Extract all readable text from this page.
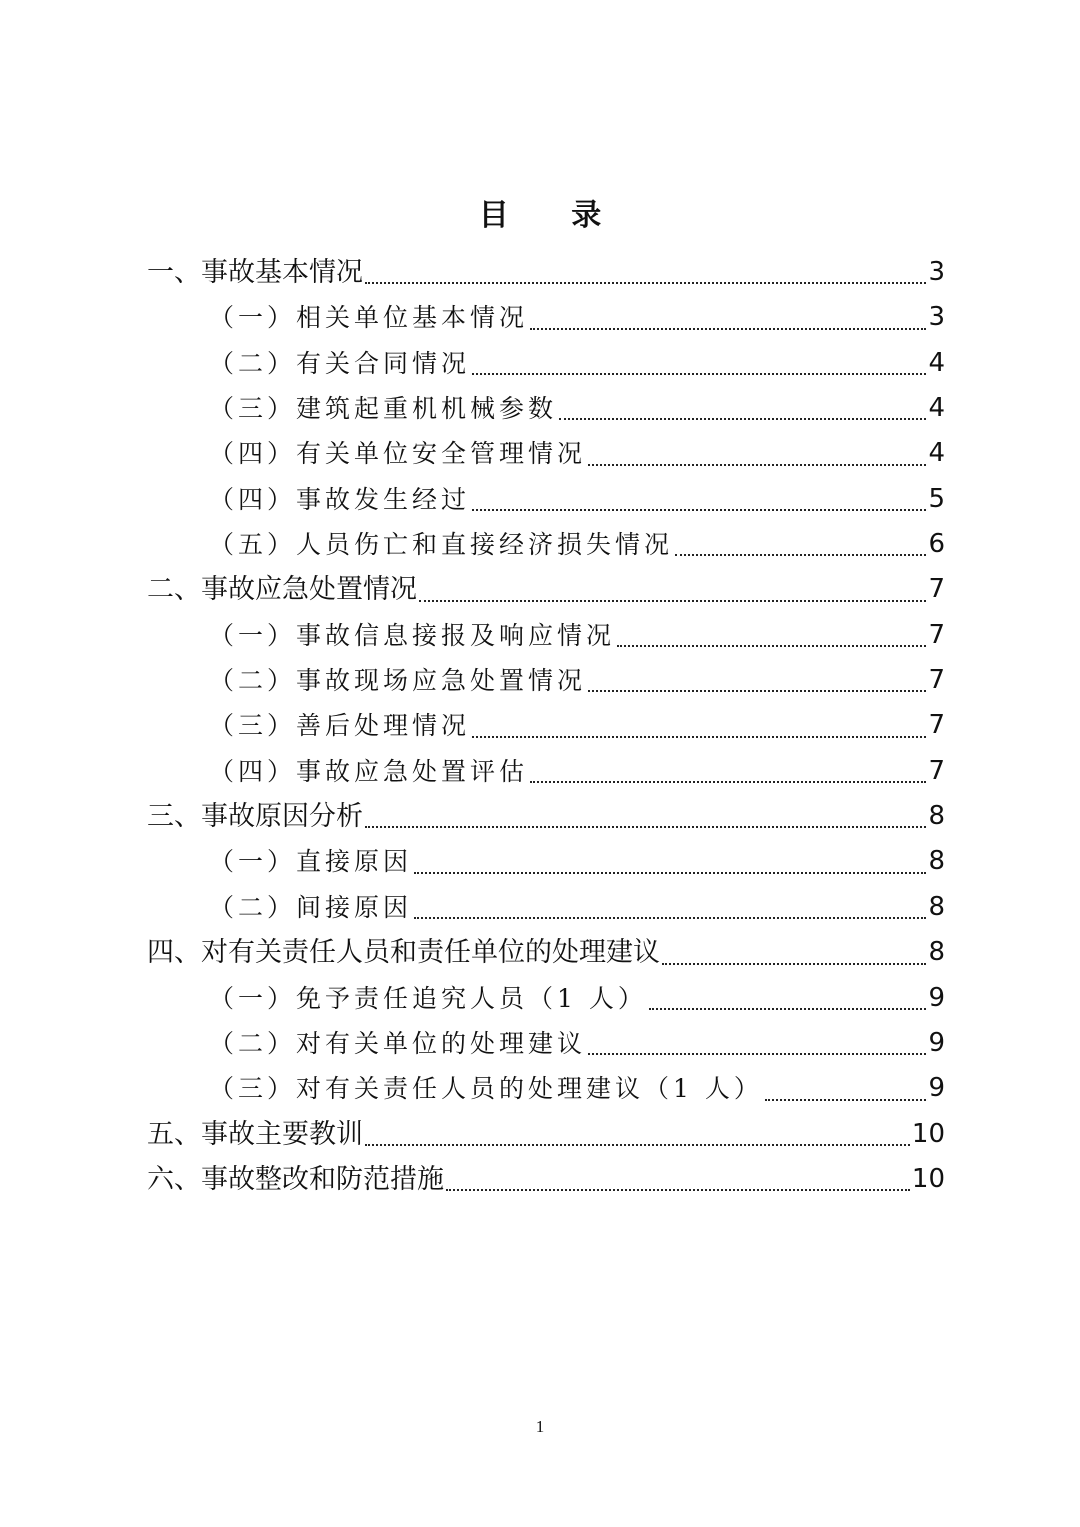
目 录
一、事故基本情况	3
（一）相关单位基本情况	3
（二）有关合同情况	4
（三）建筑起重机机械参数	4
（四）有关单位安全管理情况	4
（四）事故发生经过	5
（五）人员伤亡和直接经济损失情况	6
二、事故应急处置情况	7
（一）事故信息接报及响应情况	7
（二）事故现场应急处置情况	7
（三）善后处理情况	7
（四）事故应急处置评估	7
三、事故原因分析	8
（一）直接原因	8
（二）间接原因	8
四、对有关责任人员和责任单位的处理建议	8
（一）免予责任追究人员（1 人）	9
（二）对有关单位的处理建议	9
（三）对有关责任人员的处理建议（1 人）	9
五、事故主要教训	10
六、事故整改和防范措施	10
1
